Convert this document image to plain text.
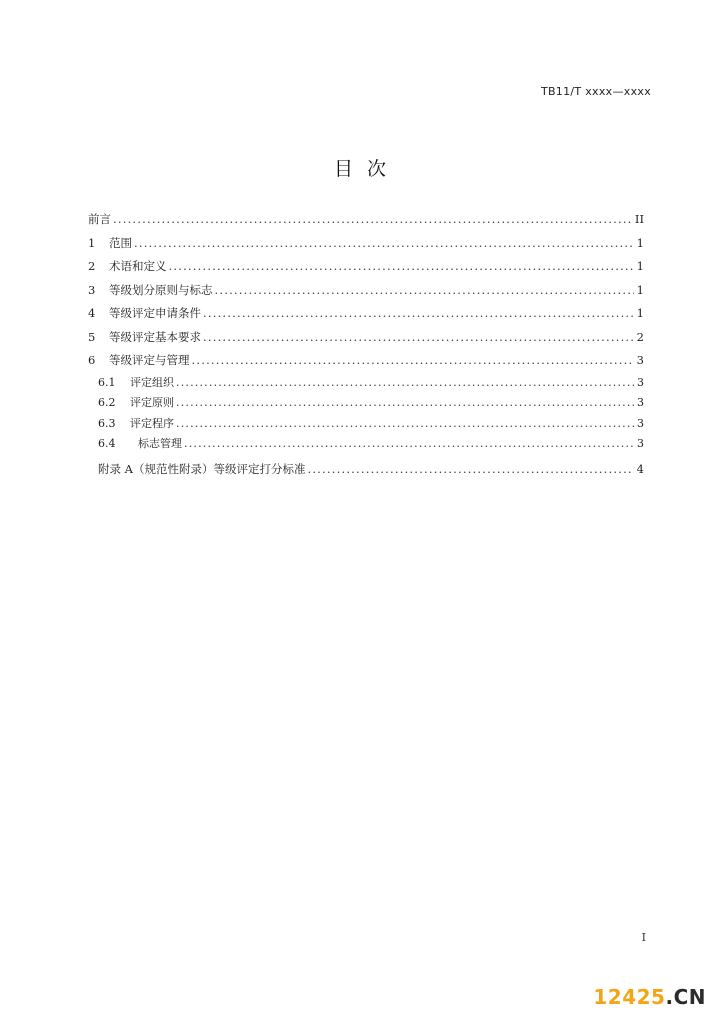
TB11/T xxxx—xxxx
目次
前言 .....	II
1	范围 .....	1
2	术语和定义 .....	1
3	等级划分原则与标志 .....	1
4	等级评定申请条件 .....	1
5	等级评定基本要求 .....	2
6	等级评定与管理 .....	3
6.1	评定组织 .....	3
6.2	评定原则 .....	3
6.3	评定程序 .....	3
6.4	标志管理 .....	3
附录 A（规范性附录）等级评定打分标准 .....	4
I
12425.CN
